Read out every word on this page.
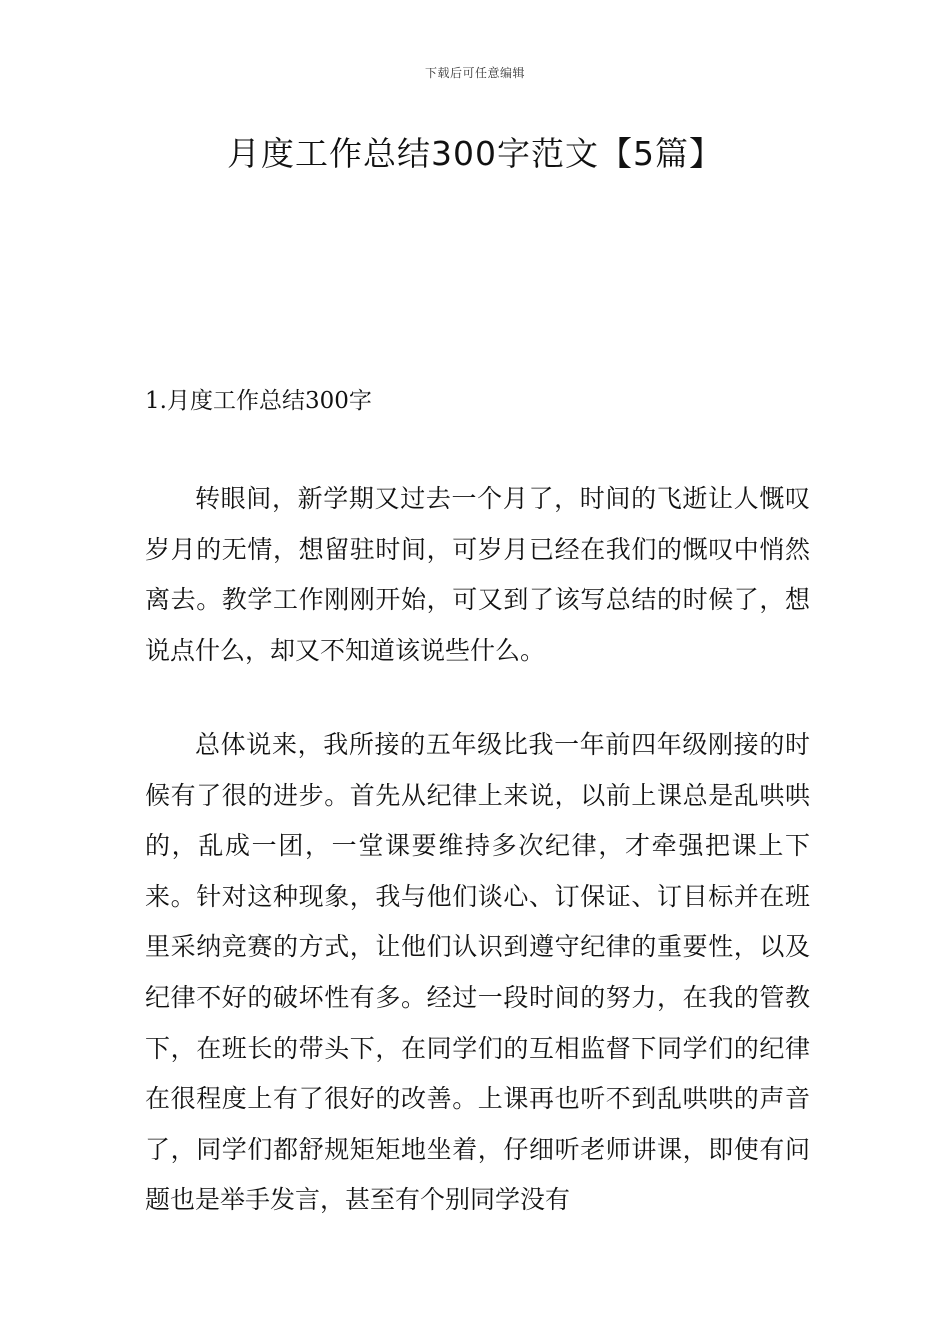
下载后可任意编辑
月度工作总结300字范文【5篇】
1.月度工作总结300字

转眼间，新学期又过去一个月了，时间的飞逝让人慨叹岁月的无情，想留驻时间，可岁月已经在我们的慨叹中悄然离去。教学工作刚刚开始，可又到了该写总结的时候了，想说点什么，却又不知道该说些什么。

总体说来，我所接的五年级比我一年前四年级刚接的时候有了很的进步。首先从纪律上来说，以前上课总是乱哄哄的，乱成一团，一堂课要维持多次纪律，才牵强把课上下来。针对这种现象，我与他们谈心、订保证、订目标并在班里采纳竞赛的方式，让他们认识到遵守纪律的重要性，以及纪律不好的破坏性有多。经过一段时间的努力，在我的管教下，在班长的带头下，在同学们的互相监督下同学们的纪律在很程度上有了很好的改善。上课再也听不到乱哄哄的声音了，同学们都舒规矩矩地坐着，仔细听老师讲课，即使有问题也是举手发言，甚至有个别同学没有
